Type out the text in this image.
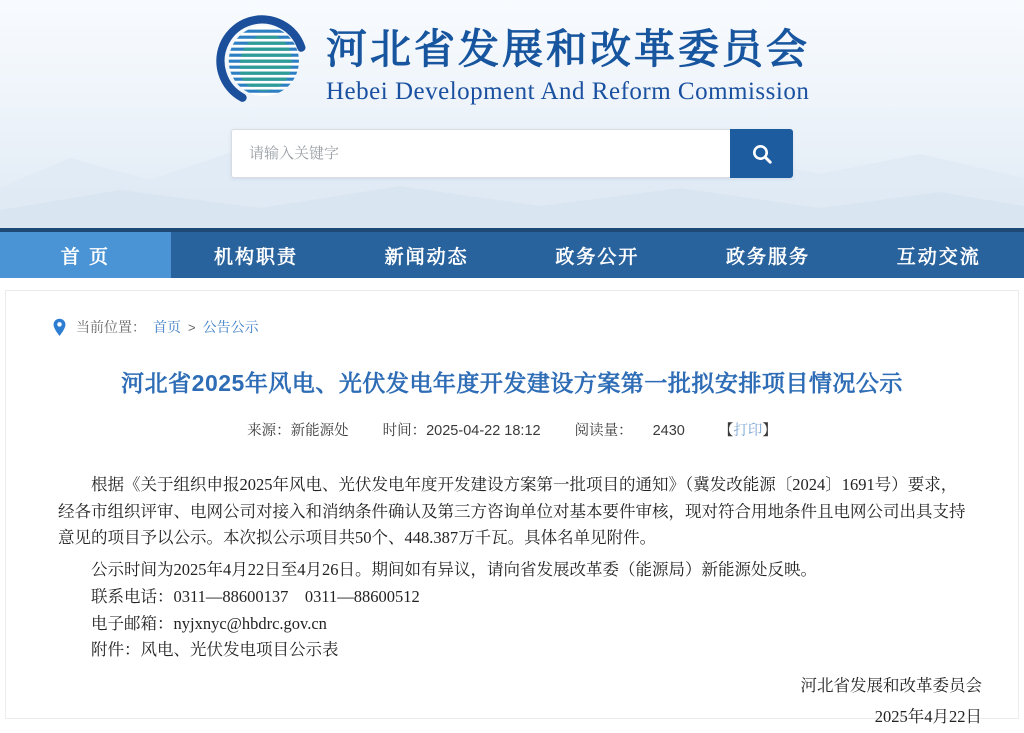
河北省发展和改革委员会
Hebei Development And Reform Commission
请输入关键字
首 页	机构职责	新闻动态	政务公开	政务服务	互动交流
当前位置： 首页 > 公告公示
河北省2025年风电、光伏发电年度开发建设方案第一批拟安排项目情况公示
来源：新能源处 时间：2025-04-22 18:12 阅读量： 2430 【打印】

根据《关于组织申报2025年风电、光伏发电年度开发建设方案第一批项目的通知》（冀发改能源〔2024〕1691号）要求，经各市组织评审、电网公司对接入和消纳条件确认及第三方咨询单位对基本要件审核，现对符合用地条件且电网公司出具支持意见的项目予以公示。本次拟公示项目共50个、448.387万千瓦。具体名单见附件。

公示时间为2025年4月22日至4月26日。期间如有异议，请向省发展改革委（能源局）新能源处反映。

联系电话：0311—88600137　0311—88600512

电子邮箱：nyjxnyc@hbdrc.gov.cn

附件：风电、光伏发电项目公示表

河北省发展和改革委员会
2025年4月22日
